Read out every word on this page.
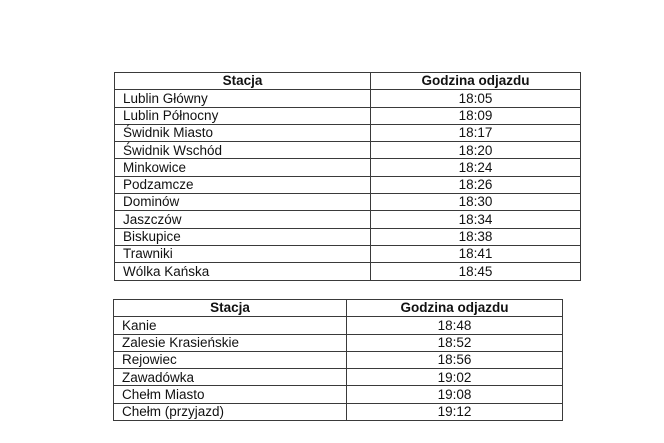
Stacja	Godzina odjazdu
Lublin Główny	18:05
Lublin Północny	18:09
Świdnik Miasto	18:17
Świdnik Wschód	18:20
Minkowice	18:24
Podzamcze	18:26
Dominów	18:30
Jaszczów	18:34
Biskupice	18:38
Trawniki	18:41
Wólka Kańska	18:45
Stacja	Godzina odjazdu
Kanie	18:48
Zalesie Krasieńskie	18:52
Rejowiec	18:56
Zawadówka	19:02
Chełm Miasto	19:08
Chełm (przyjazd)	19:12
